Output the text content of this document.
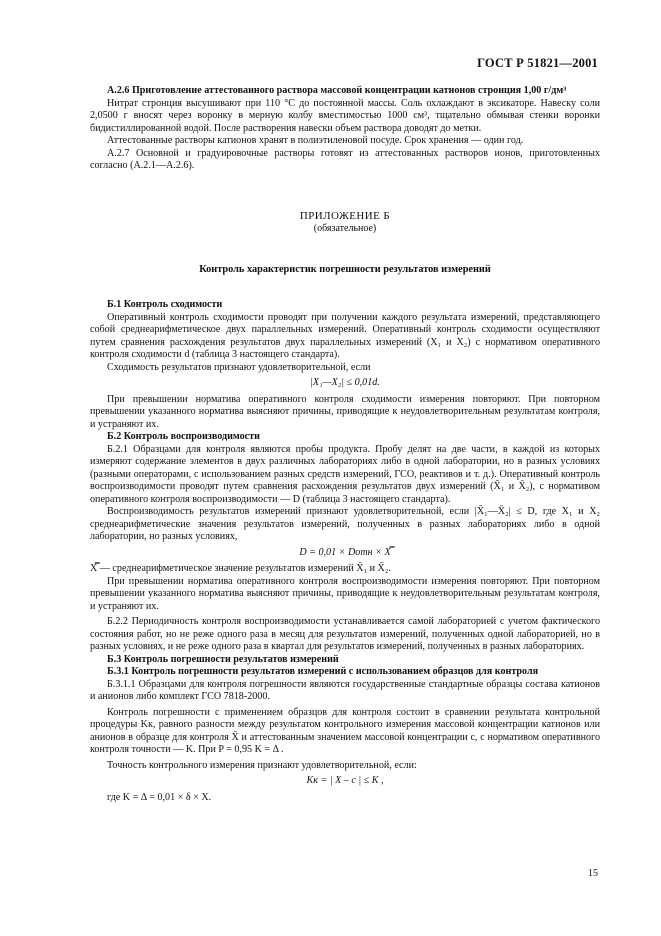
ГОСТ Р 51821—2001

А.2.6 Приготовление аттестованного раствора массовой концентрации катионов стронция 1,00 г/дм³

Нитрат стронция высушивают при 110 °С до постоянной массы. Соль охлаждают в эксикаторе. Навеску соли 2,0500 г вносят через воронку в мерную колбу вместимостью 1000 см³, тщательно обмывая стенки воронки бидистиллированной водой. После растворения навески объем раствора доводят до метки.

Аттестованные растворы катионов хранят в полиэтиленовой посуде. Срок хранения — один год.

А.2.7 Основной и градуировочные растворы готовят из аттестованных растворов ионов, приготовленных согласно (А.2.1—А.2.6).

ПРИЛОЖЕНИЕ Б
(обязательное)
Контроль характеристик погрешности результатов измерений

Б.1 Контроль сходимости

Оперативный контроль сходимости проводят при получении каждого результата измерений, представляющего собой среднеарифметическое двух параллельных измерений. Оперативный контроль сходимости осуществляют путем сравнения расхождения результатов двух параллельных измерений (X₁ и X₂) с нормативом оперативного контроля сходимости d (таблица 3 настоящего стандарта).

Сходимость результатов признают удовлетворительной, если

|X₁—X₂| ≤ 0,01d.

При превышении норматива оперативного контроля сходимости измерения повторяют. При повторном превышении указанного норматива выясняют причины, приводящие к неудовлетворительным результатам контроля, и устраняют их.

Б.2 Контроль воспроизводимости

Б.2.1 Образцами для контроля являются пробы продукта. Пробу делят на две части, в каждой из которых измеряют содержание элементов в двух различных лабораториях либо в одной лаборатории, но в разных условиях (разными операторами, с использованием разных средств измерений, ГСО, реактивов и т. д.). Оперативный контроль воспроизводимости проводят путем сравнения расхождения результатов двух измерений (X̄₁ и X̄₂), с нормативом оперативного контроля воспроизводимости — D (таблица 3 настоящего стандарта).

Воспроизводимость результатов измерений признают удовлетворительной, если |X̄₁—X̄₂| ≤ D, где X₁ и X₂ среднеарифметические значения результатов измерений, полученных в разных лабораториях либо в одной лаборатории, но разных условиях,

D = 0,01 × Dотн × X̿

X̿ — среднеарифметическое значение результатов измерений X̄₁ и X̄₂.

При превышении норматива оперативного контроля воспроизводимости измерения повторяют. При повторном превышении указанного норматива выясняют причины, приводящие к неудовлетворительным результатам контроля, и устраняют их.

Б.2.2 Периодичность контроля воспроизводимости устанавливается самой лабораторией с учетом фактического состояния работ, но не реже одного раза в месяц для результатов измерений, полученных одной лабораторией, но в разных условиях, и не реже одного раза в квартал для результатов измерений, полученных в разных лабораториях.

Б.3 Контроль погрешности результатов измерений

Б.3.1 Контроль погрешности результатов измерений с использованием образцов для контроля

Б.3.1.1 Образцами для контроля погрешности являются государственные стандартные образцы состава катионов и анионов либо комплект ГСО 7818-2000.

Контроль погрешности с применением образцов для контроля состоит в сравнении результата контрольной процедуры Kк, равного разности между результатом контрольного измерения массовой концентрации катионов или анионов в образце для контроля X̄ и аттестованным значением массовой концентрации c, с нормативом оперативного контроля точности — K. При P = 0,95 K = Δ .

Точность контрольного измерения признают удовлетворительной, если:

Kк = | X – c | ≤ K ,

где K = Δ = 0,01 × δ × X.

15
